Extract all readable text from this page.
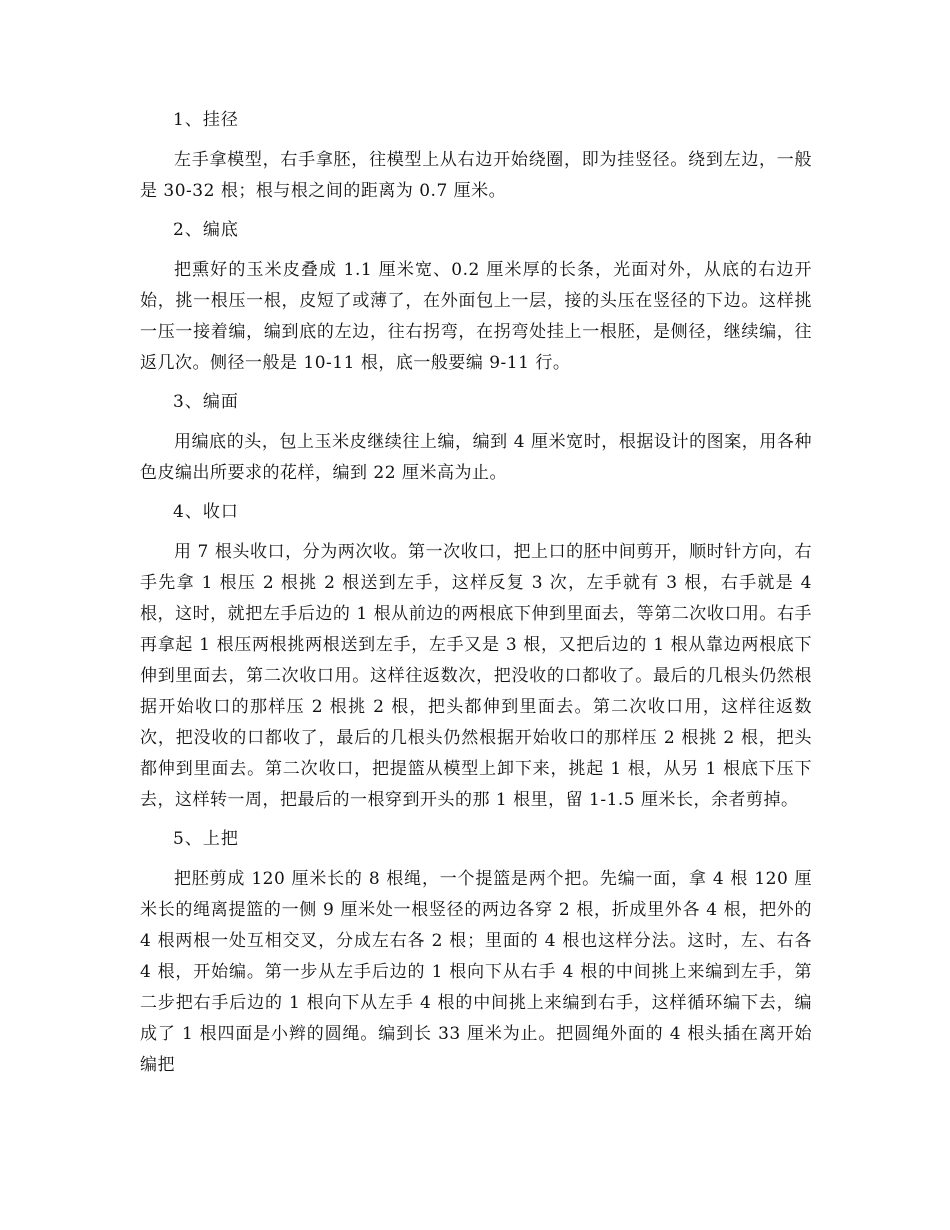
1、挂径

左手拿模型，右手拿胚，往模型上从右边开始绕圈，即为挂竖径。绕到左边，一般是 30-32 根；根与根之间的距离为 0.7 厘米。

2、编底

把熏好的玉米皮叠成 1.1 厘米宽、0.2 厘米厚的长条，光面对外，从底的右边开始，挑一根压一根，皮短了或薄了，在外面包上一层，接的头压在竖径的下边。这样挑一压一接着编，编到底的左边，往右拐弯，在拐弯处挂上一根胚，是侧径，继续编，往返几次。侧径一般是 10-11 根，底一般要编 9-11 行。

3、编面

用编底的头，包上玉米皮继续往上编，编到 4 厘米宽时，根据设计的图案，用各种色皮编出所要求的花样，编到 22 厘米高为止。

4、收口

用 7 根头收口，分为两次收。第一次收口，把上口的胚中间剪开，顺时针方向，右手先拿 1 根压 2 根挑 2 根送到左手，这样反复 3 次，左手就有 3 根，右手就是 4 根，这时，就把左手后边的 1 根从前边的两根底下伸到里面去，等第二次收口用。右手再拿起 1 根压两根挑两根送到左手，左手又是 3 根，又把后边的 1 根从靠边两根底下伸到里面去，第二次收口用。这样往返数次，把没收的口都收了。最后的几根头仍然根据开始收口的那样压 2 根挑 2 根，把头都伸到里面去。第二次收口用，这样往返数次，把没收的口都收了，最后的几根头仍然根据开始收口的那样压 2 根挑 2 根，把头都伸到里面去。第二次收口，把提篮从模型上卸下来，挑起 1 根，从另 1 根底下压下去，这样转一周，把最后的一根穿到开头的那 1 根里，留 1-1.5 厘米长，余者剪掉。

5、上把

把胚剪成 120 厘米长的 8 根绳，一个提篮是两个把。先编一面，拿 4 根 120 厘米长的绳离提篮的一侧 9 厘米处一根竖径的两边各穿 2 根，折成里外各 4 根，把外的 4 根两根一处互相交叉，分成左右各 2 根；里面的 4 根也这样分法。这时，左、右各 4 根，开始编。第一步从左手后边的 1 根向下从右手 4 根的中间挑上来编到左手，第二步把右手后边的 1 根向下从左手 4 根的中间挑上来编到右手，这样循环编下去，编成了 1 根四面是小辫的圆绳。编到长 33 厘米为止。把圆绳外面的 4 根头插在离开始编把
